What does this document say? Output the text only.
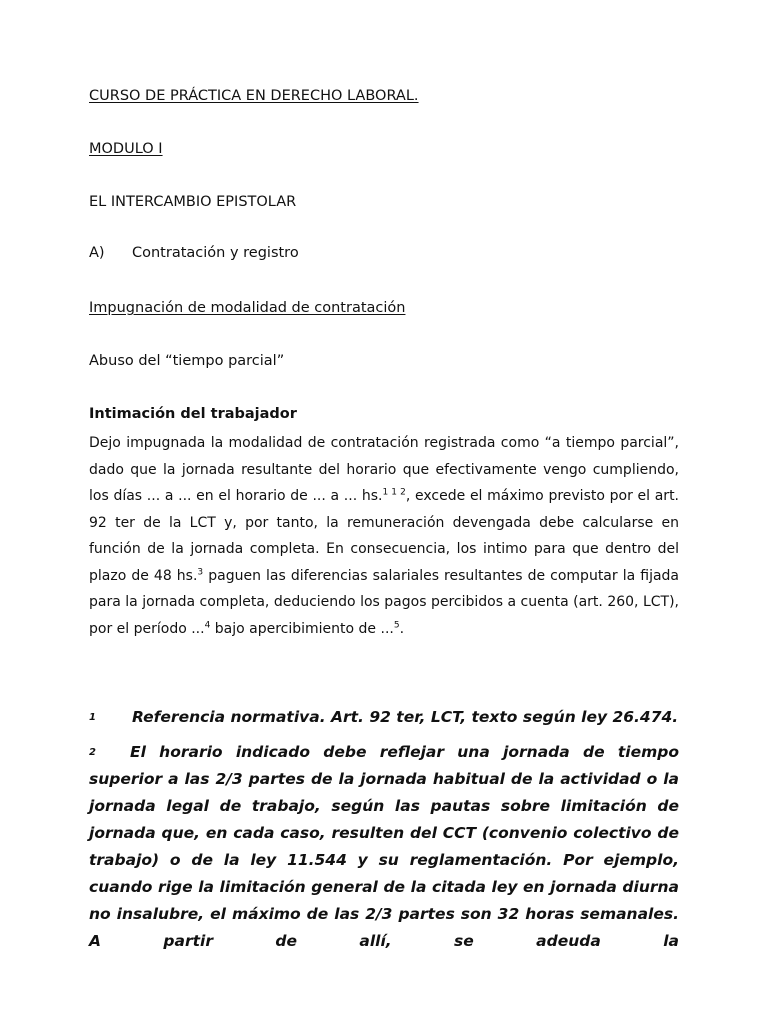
CURSO DE PRÁCTICA EN DERECHO LABORAL.
MODULO I
EL INTERCAMBIO EPISTOLAR
A) Contratación y registro
Impugnación de modalidad de contratación
Abuso del “tiempo parcial”
Intimación del trabajador
Dejo impugnada la modalidad de contratación registrada como “a tiempo parcial”, dado que la jornada resultante del horario que efectivamente vengo cumpliendo, los días ... a ... en el horario de ... a ... hs.$^{1 1 2}$, excede el máximo previsto por el art. 92 ter de la LCT y, por tanto, la remuneración devengada debe calcularse en función de la jornada completa. En consecuencia, los intimo para que dentro del plazo de 48 hs.$^3$ paguen las diferencias salariales resultantes de computar la fijada para la jornada completa, deduciendo los pagos percibidos a cuenta (art. 260, LCT), por el período ...$^4$ bajo apercibimiento de ...$^5$.
1 Referencia normativa. Art. 92 ter, LCT, texto según ley 26.474.
2 El horario indicado debe reflejar una jornada de tiempo superior a las 2/3 partes de la jornada habitual de la actividad o la jornada legal de trabajo, según las pautas sobre limitación de jornada que, en cada caso, resulten del CCT (convenio colectivo de trabajo) o de la ley 11.544 y su reglamentación. Por ejemplo, cuando rige la limitación general de la citada ley en jornada diurna no insalubre, el máximo de las 2/3 partes son 32 horas semanales. A partir de allí, se adeuda la
